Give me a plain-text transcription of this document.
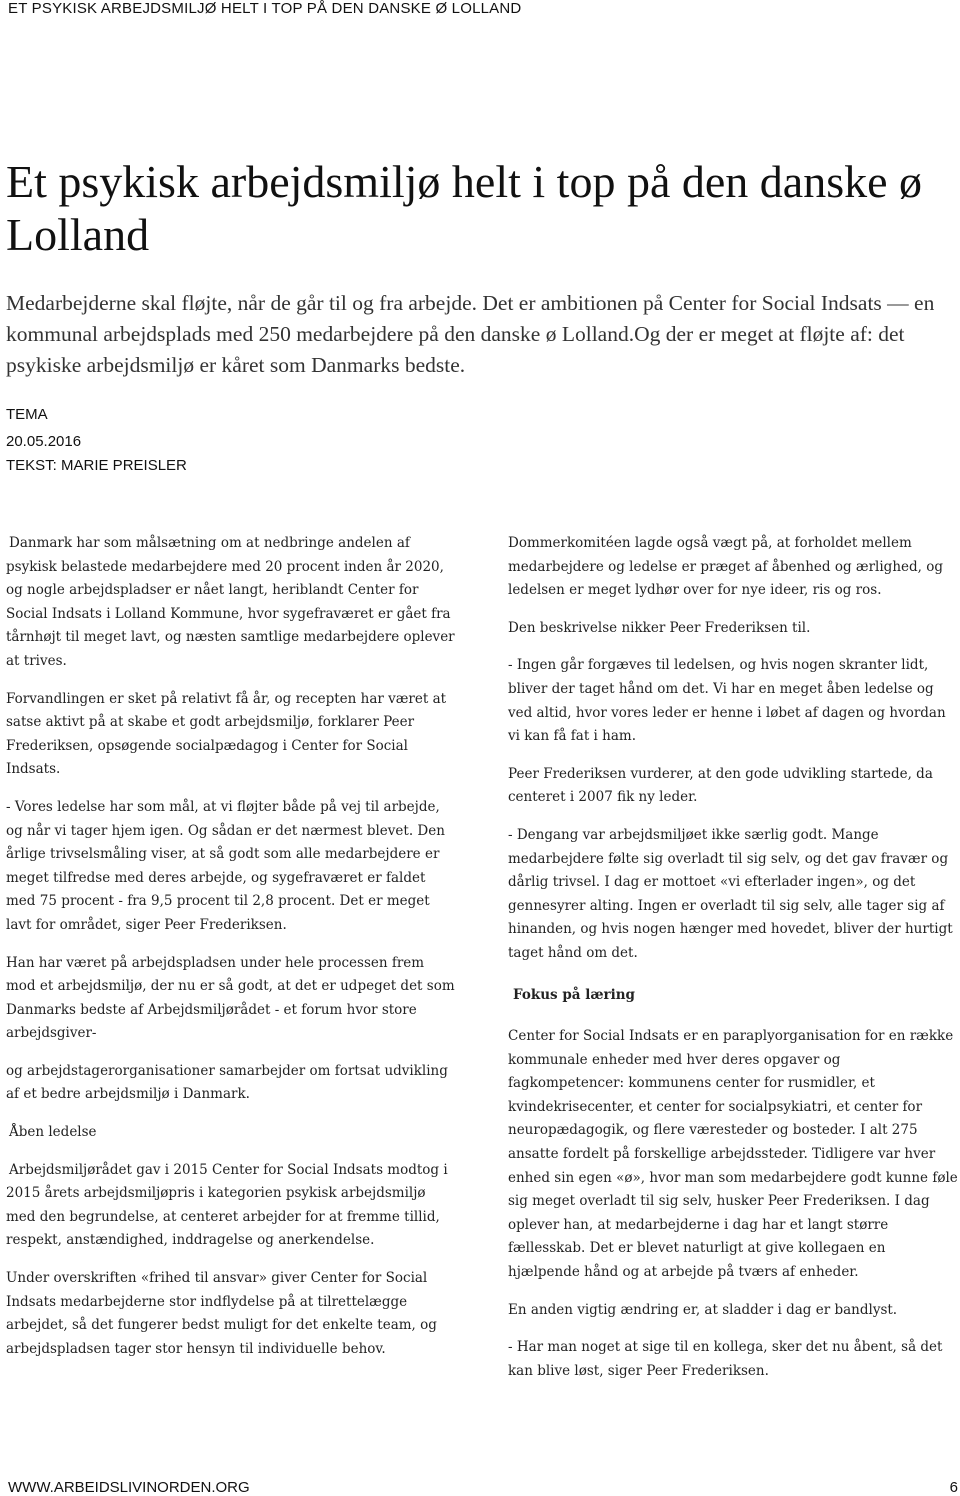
ET PSYKISK ARBEJDSMILJØ HELT I TOP PÅ DEN DANSKE Ø LOLLAND
Et psykisk arbejdsmiljø helt i top på den danske ø Lolland

Medarbejderne skal fløjte, når de går til og fra arbejde. Det er ambitionen på Center for Social Indsats — en kommunal arbejdsplads med 250 medarbejdere på den danske ø Lolland.Og der er meget at fløjte af: det psykiske arbejdsmiljø er kåret som Danmarks bedste.

TEMA

20.05.2016

TEKST: MARIE PREISLER

Danmark har som målsætning om at nedbringe andelen af psykisk belastede medarbejdere med 20 procent inden år 2020, og nogle arbejdspladser er nået langt, heriblandt Center for Social Indsats i Lolland Kommune, hvor sygefraværet er gået fra tårnhøjt til meget lavt, og næsten samtlige medarbejdere oplever at trives.

Forvandlingen er sket på relativt få år, og recepten har været at satse aktivt på at skabe et godt arbejdsmiljø, forklarer Peer Frederiksen, opsøgende socialpædagog i Center for Social Indsats.

- Vores ledelse har som mål, at vi fløjter både på vej til arbejde, og når vi tager hjem igen. Og sådan er det nærmest blevet. Den årlige trivselsmåling viser, at så godt som alle medarbejdere er meget tilfredse med deres arbejde, og sygefraværet er faldet med 75 procent - fra 9,5 procent til 2,8 procent. Det er meget lavt for området, siger Peer Frederiksen.

Han har været på arbejdspladsen under hele processen frem mod et arbejdsmiljø, der nu er så godt, at det er udpeget det som Danmarks bedste af Arbejdsmiljørådet - et forum hvor store arbejdsgiver-

og arbejdstagerorganisationer samarbejder om fortsat udvikling af et bedre arbejdsmiljø i Danmark.

Åben ledelse

Arbejdsmiljørådet gav i 2015 Center for Social Indsats modtog i 2015 årets arbejdsmiljøpris i kategorien psykisk arbejdsmiljø med den begrundelse, at centeret arbejder for at fremme tillid, respekt, anstændighed, inddragelse og anerkendelse.

Under overskriften «frihed til ansvar» giver Center for Social Indsats medarbejderne stor indflydelse på at tilrettelægge arbejdet, så det fungerer bedst muligt for det enkelte team, og arbejdspladsen tager stor hensyn til individuelle behov.

Dommerkomitéen lagde også vægt på, at forholdet mellem medarbejdere og ledelse er præget af åbenhed og ærlighed, og ledelsen er meget lydhør over for nye ideer, ris og ros.

Den beskrivelse nikker Peer Frederiksen til.

- Ingen går forgæves til ledelsen, og hvis nogen skranter lidt, bliver der taget hånd om det. Vi har en meget åben ledelse og ved altid, hvor vores leder er henne i løbet af dagen og hvordan vi kan få fat i ham.

Peer Frederiksen vurderer, at den gode udvikling startede, da centeret i 2007 fik ny leder.

- Dengang var arbejdsmiljøet ikke særlig godt. Mange medarbejdere følte sig overladt til sig selv, og det gav fravær og dårlig trivsel. I dag er mottoet «vi efterlader ingen», og det gennesyrer alting. Ingen er overladt til sig selv, alle tager sig af hinanden, og hvis nogen hænger med hovedet, bliver der hurtigt taget hånd om det.

Fokus på læring

Center for Social Indsats er en paraplyorganisation for en række kommunale enheder med hver deres opgaver og fagkompetencer: kommunens center for rusmidler, et kvindekrisecenter, et center for socialpsykiatri, et center for neuropædagogik, og flere væresteder og bosteder. I alt 275 ansatte fordelt på forskellige arbejdssteder. Tidligere var hver enhed sin egen «ø», hvor man som medarbejdere godt kunne føle sig meget overladt til sig selv, husker Peer Frederiksen. I dag oplever han, at medarbejderne i dag har et langt større fællesskab. Det er blevet naturligt at give kollegaen en hjælpende hånd og at arbejde på tværs af enheder.

En anden vigtig ændring er, at sladder i dag er bandlyst.

- Har man noget at sige til en kollega, sker det nu åbent, så det kan blive løst, siger Peer Frederiksen.

WWW.ARBEIDSLIVINORDEN.ORG	6
